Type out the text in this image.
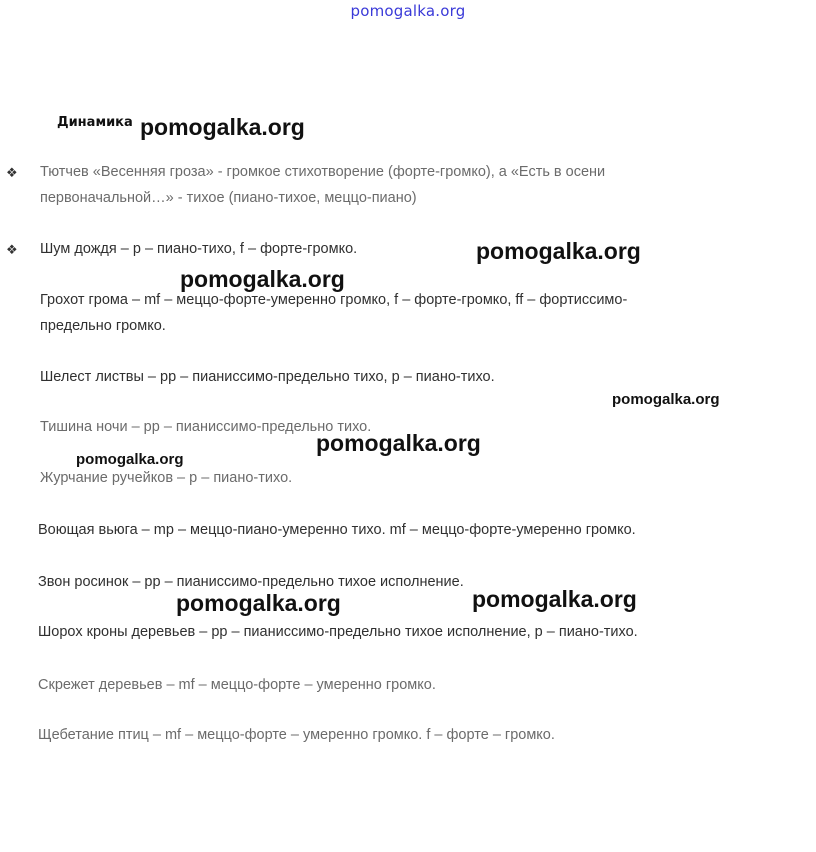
pomogalka.org
Динамика
❖ Тютчев «Весенняя гроза» - громкое стихотворение (форте-громко), а «Есть в осени
первоначальной…» - тихое (пиано-тихое, меццо-пиано)
❖ Шум дождя – p – пиано-тихо, f – форте-громко.
Грохот грома – mf – меццо-форте-умеренно громко, f – форте-громко, ff – фортиссимо-
предельно громко.
Шелест листвы – pp – пианиссимо-предельно тихо, p – пиано-тихо.
Тишина ночи – pp – пианиссимо-предельно тихо.
Журчание ручейков – p – пиано-тихо.
Воющая вьюга – mp – меццо-пиано-умеренно тихо. mf – меццо-форте-умеренно громко.
Звон росинок – pp – пианиссимо-предельно тихое исполнение.
Шорох кроны деревьев – pp – пианиссимо-предельно тихое исполнение, p – пиано-тихо.
Скрежет деревьев – mf – меццо-форте – умеренно громко.
Щебетание птиц – mf – меццо-форте – умеренно громко. f – форте – громко.
pomogalka.org
pomogalka.org
pomogalka.org
pomogalka.org
pomogalka.org
pomogalka.org
pomogalka.org	pomogalka.org
